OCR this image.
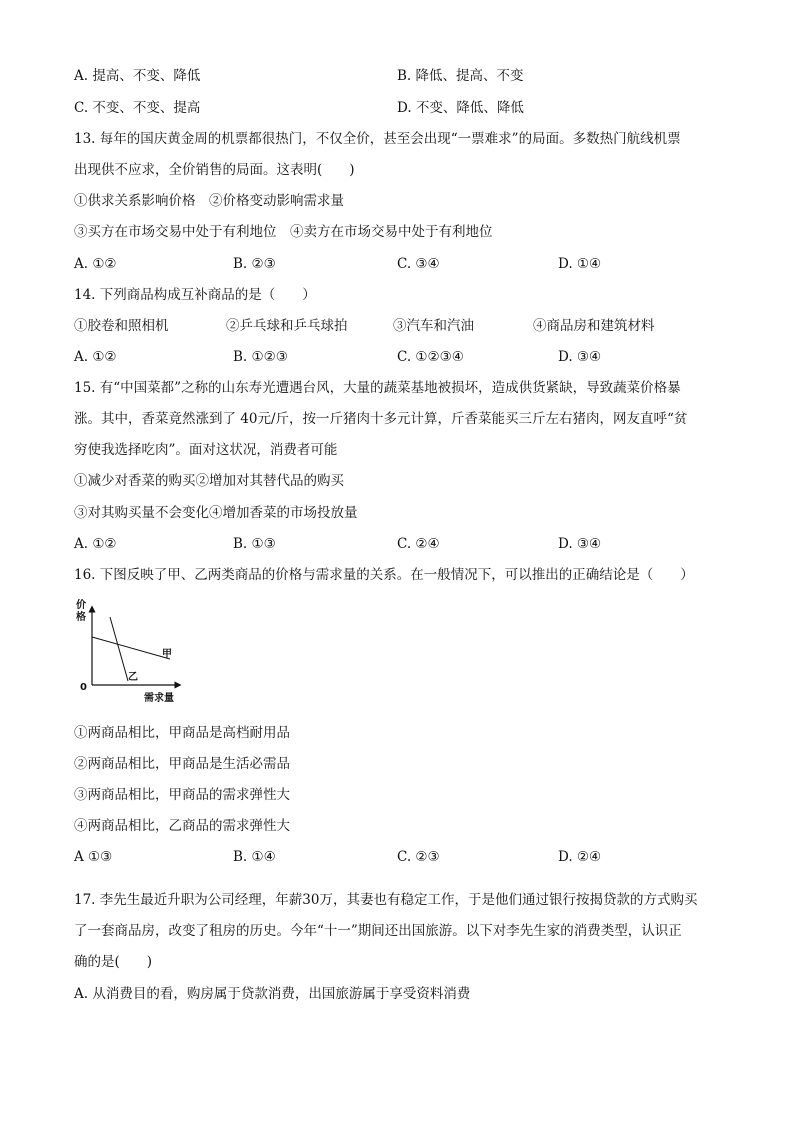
A. 提高、不变、降低	B. 降低、提高、不变
C. 不变、不变、提高	D. 不变、降低、降低
13. 每年的国庆黄金周的机票都很热门，不仅全价，甚至会出现“一票难求”的局面。多数热门航线机票
出现供不应求，全价销售的局面。这表明(　　)
①供求关系影响价格　②价格变动影响需求量
③买方在市场交易中处于有利地位　④卖方在市场交易中处于有利地位
A. ①②	B. ②③	C. ③④	D. ①④
14. 下列商品构成互补商品的是（　　）
①胶卷和照相机	②乒乓球和乒乓球拍	③汽车和汽油	④商品房和建筑材料
A. ①②	B. ①②③	C. ①②③④	D. ③④
15. 有“中国菜都”之称的山东寿光遭遇台风，大量的蔬菜基地被损坏，造成供货紧缺，导致蔬菜价格暴
涨。其中，香菜竟然涨到了 40元/斤，按一斤猪肉十多元计算，斤香菜能买三斤左右猪肉，网友直呼“贫
穷使我选择吃肉”。面对这状况，消费者可能
①减少对香菜的购买②增加对其替代品的购买
③对其购买量不会变化④增加香菜的市场投放量
A. ①②	B. ①③	C. ②④	D. ③④
16. 下图反映了甲、乙两类商品的价格与需求量的关系。在一般情况下，可以推出的正确结论是（　　）
价
格
0
甲
乙
需求量
①两商品相比，甲商品是高档耐用品
②两商品相比，甲商品是生活必需品
③两商品相比，甲商品的需求弹性大
④两商品相比，乙商品的需求弹性大
A ①③	B. ①④	C. ②③	D. ②④
17. 李先生最近升职为公司经理，年薪30万，其妻也有稳定工作，于是他们通过银行按揭贷款的方式购买
了一套商品房，改变了租房的历史。今年“十一”期间还出国旅游。以下对李先生家的消费类型，认识正
确的是(　　)
A. 从消费目的看，购房属于贷款消费，出国旅游属于享受资料消费
